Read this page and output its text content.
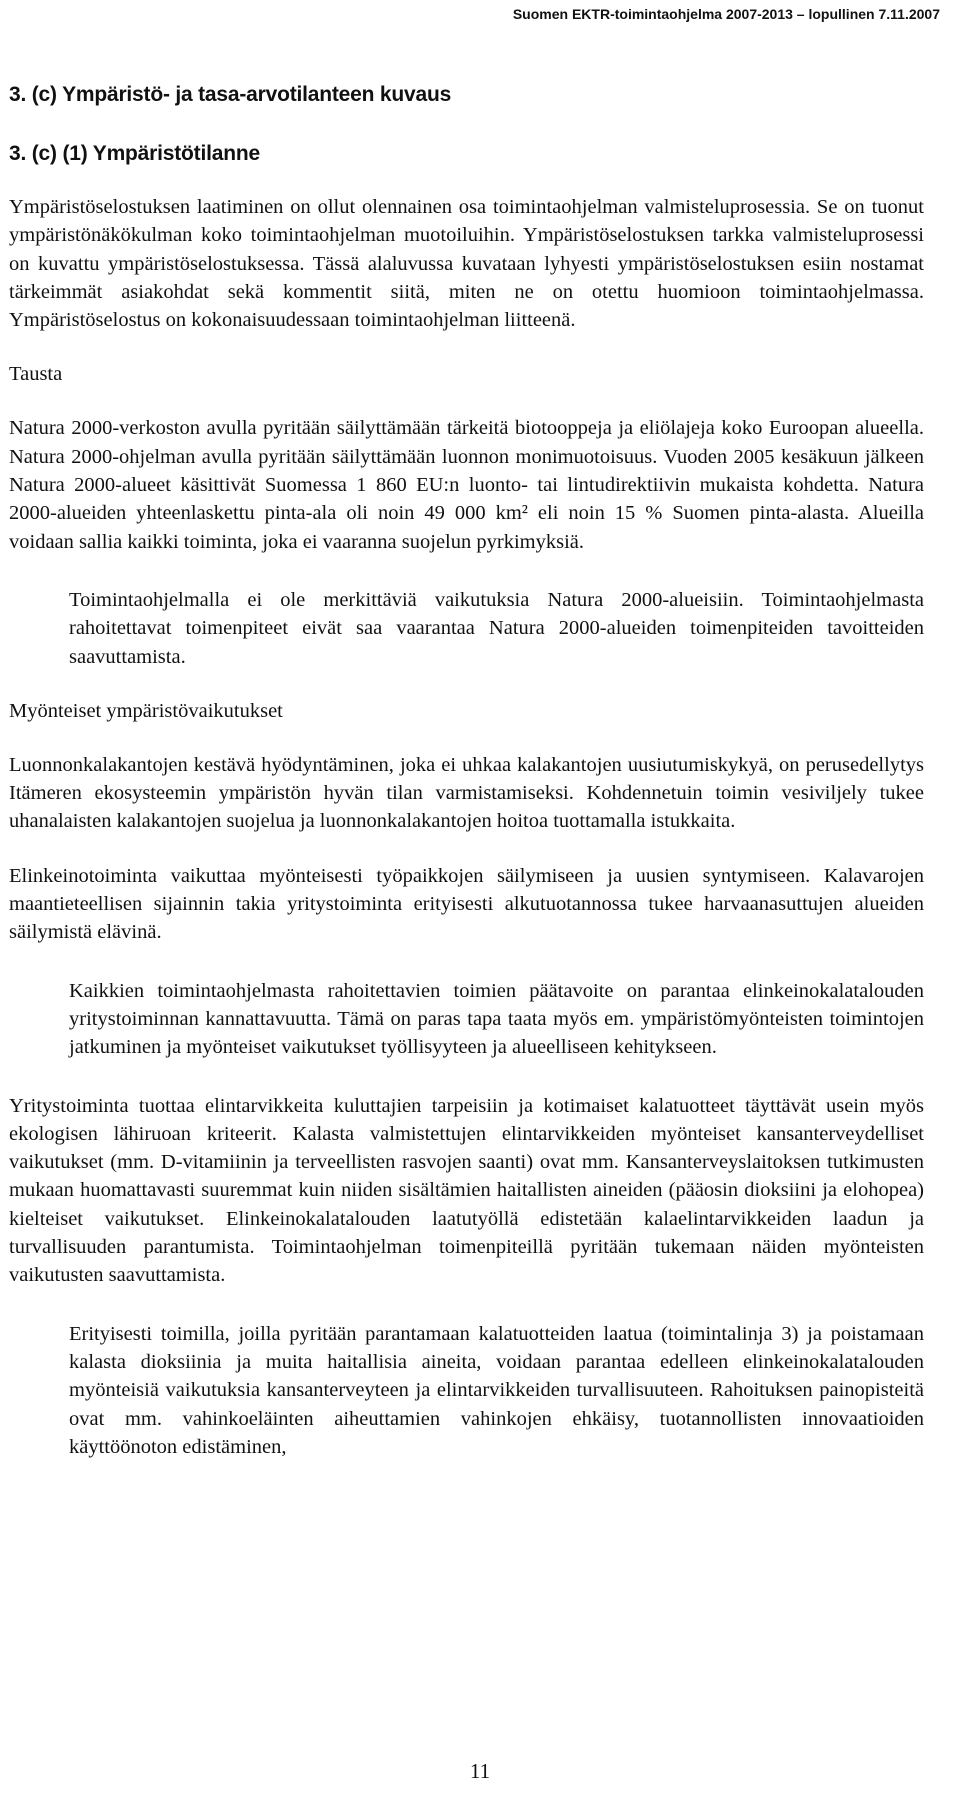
Suomen EKTR-toimintaohjelma 2007-2013 – lopullinen 7.11.2007
3. (c) Ympäristö- ja tasa-arvotilanteen kuvaus
3. (c) (1) Ympäristötilanne

Ympäristöselostuksen laatiminen on ollut olennainen osa toimintaohjelman valmisteluprosessia. Se on tuonut ympäristönäkökulman koko toimintaohjelman muotoiluihin. Ympäristöselostuksen tarkka valmisteluprosessi on kuvattu ympäristöselostuksessa. Tässä alaluvussa kuvataan lyhyesti ympäristöselostuksen esiin nostamat tärkeimmät asiakohdat sekä kommentit siitä, miten ne on otettu huomioon toimintaohjelmassa. Ympäristöselostus on kokonaisuudessaan toimintaohjelman liitteenä.

Tausta

Natura 2000-verkoston avulla pyritään säilyttämään tärkeitä biotooppeja ja eliölajeja koko Euroopan alueella. Natura 2000-ohjelman avulla pyritään säilyttämään luonnon monimuotoisuus. Vuoden 2005 kesäkuun jälkeen Natura 2000-alueet käsittivät Suomessa 1 860 EU:n luonto- tai lintudirektiivin mukaista kohdetta. Natura 2000-alueiden yhteenlaskettu pinta-ala oli noin 49 000 km² eli noin 15 % Suomen pinta-alasta. Alueilla voidaan sallia kaikki toiminta, joka ei vaaranna suojelun pyrkimyksiä.

Toimintaohjelmalla ei ole merkittäviä vaikutuksia Natura 2000-alueisiin. Toimintaohjelmasta rahoitettavat toimenpiteet eivät saa vaarantaa Natura 2000-alueiden toimenpiteiden tavoitteiden saavuttamista.

Myönteiset ympäristövaikutukset

Luonnonkalakantojen kestävä hyödyntäminen, joka ei uhkaa kalakantojen uusiutumiskykyä, on perusedellytys Itämeren ekosysteemin ympäristön hyvän tilan varmistamiseksi. Kohdennetuin toimin vesiviljely tukee uhanalaisten kalakantojen suojelua ja luonnonkalakantojen hoitoa tuottamalla istukkaita.

Elinkeinotoiminta vaikuttaa myönteisesti työpaikkojen säilymiseen ja uusien syntymiseen. Kalavarojen maantieteellisen sijainnin takia yritystoiminta erityisesti alkutuotannossa tukee harvaanasuttujen alueiden säilymistä elävinä.

Kaikkien toimintaohjelmasta rahoitettavien toimien päätavoite on parantaa elinkeinokalatalouden yritystoiminnan kannattavuutta. Tämä on paras tapa taata myös em. ympäristömyönteisten toimintojen jatkuminen ja myönteiset vaikutukset työllisyyteen ja alueelliseen kehitykseen.

Yritystoiminta tuottaa elintarvikkeita kuluttajien tarpeisiin ja kotimaiset kalatuotteet täyttävät usein myös ekologisen lähiruoan kriteerit. Kalasta valmistettujen elintarvikkeiden myönteiset kansanterveydelliset vaikutukset (mm. D-vitamiinin ja terveellisten rasvojen saanti) ovat mm. Kansanterveyslaitoksen tutkimusten mukaan huomattavasti suuremmat kuin niiden sisältämien haitallisten aineiden (pääosin dioksiini ja elohopea) kielteiset vaikutukset. Elinkeinokalatalouden laatutyöllä edistetään kalaelintarvikkeiden laadun ja turvallisuuden parantumista. Toimintaohjelman toimenpiteillä pyritään tukemaan näiden myönteisten vaikutusten saavuttamista.

Erityisesti toimilla, joilla pyritään parantamaan kalatuotteiden laatua (toimintalinja 3) ja poistamaan kalasta dioksiinia ja muita haitallisia aineita, voidaan parantaa edelleen elinkeinokalatalouden myönteisiä vaikutuksia kansanterveyteen ja elintarvikkeiden turvallisuuteen. Rahoituksen painopisteitä ovat mm. vahinkoeläinten aiheuttamien vahinkojen ehkäisy, tuotannollisten innovaatioiden käyttöönoton edistäminen,

11
